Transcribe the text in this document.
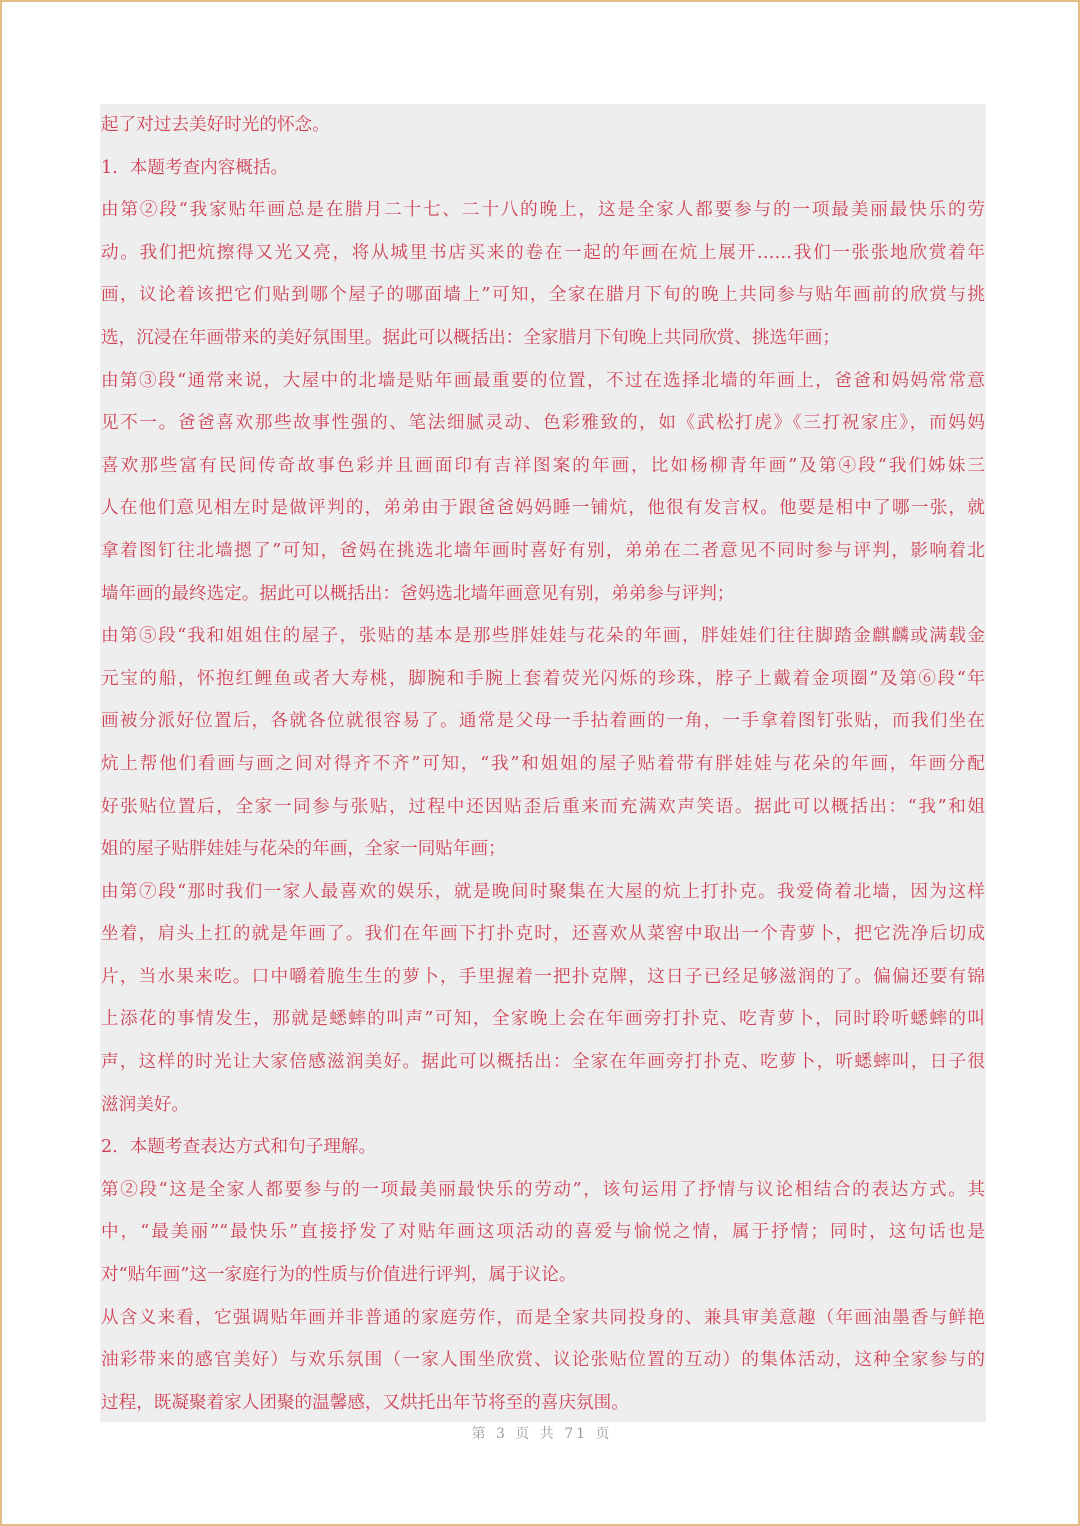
起了对过去美好时光的怀念。
1．本题考查内容概括。
由第②段“我家贴年画总是在腊月二十七、二十八的晚上，这是全家人都要参与的一项最美丽最快乐的劳
动。我们把炕擦得又光又亮，将从城里书店买来的卷在一起的年画在炕上展开……我们一张张地欣赏着年
画，议论着该把它们贴到哪个屋子的哪面墙上”可知，全家在腊月下旬的晚上共同参与贴年画前的欣赏与挑
选，沉浸在年画带来的美好氛围里。据此可以概括出：全家腊月下旬晚上共同欣赏、挑选年画；
由第③段“通常来说，大屋中的北墙是贴年画最重要的位置，不过在选择北墙的年画上，爸爸和妈妈常常意
见不一。爸爸喜欢那些故事性强的、笔法细腻灵动、色彩雅致的，如《武松打虎》《三打祝家庄》，而妈妈
喜欢那些富有民间传奇故事色彩并且画面印有吉祥图案的年画，比如杨柳青年画”及第④段“我们姊妹三
人在他们意见相左时是做评判的，弟弟由于跟爸爸妈妈睡一铺炕，他很有发言权。他要是相中了哪一张，就
拿着图钉往北墙摁了”可知，爸妈在挑选北墙年画时喜好有别，弟弟在二者意见不同时参与评判，影响着北
墙年画的最终选定。据此可以概括出：爸妈选北墙年画意见有别，弟弟参与评判；
由第⑤段“我和姐姐住的屋子，张贴的基本是那些胖娃娃与花朵的年画，胖娃娃们往往脚踏金麒麟或满载金
元宝的船，怀抱红鲤鱼或者大寿桃，脚腕和手腕上套着荧光闪烁的珍珠，脖子上戴着金项圈”及第⑥段“年
画被分派好位置后，各就各位就很容易了。通常是父母一手拈着画的一角，一手拿着图钉张贴，而我们坐在
炕上帮他们看画与画之间对得齐不齐”可知，“我”和姐姐的屋子贴着带有胖娃娃与花朵的年画，年画分配
好张贴位置后，全家一同参与张贴，过程中还因贴歪后重来而充满欢声笑语。据此可以概括出：“我”和姐
姐的屋子贴胖娃娃与花朵的年画，全家一同贴年画；
由第⑦段“那时我们一家人最喜欢的娱乐，就是晚间时聚集在大屋的炕上打扑克。我爱倚着北墙，因为这样
坐着，肩头上扛的就是年画了。我们在年画下打扑克时，还喜欢从菜窖中取出一个青萝卜，把它洗净后切成
片，当水果来吃。口中嚼着脆生生的萝卜，手里握着一把扑克牌，这日子已经足够滋润的了。偏偏还要有锦
上添花的事情发生，那就是蟋蟀的叫声”可知，全家晚上会在年画旁打扑克、吃青萝卜，同时聆听蟋蟀的叫
声，这样的时光让大家倍感滋润美好。据此可以概括出：全家在年画旁打扑克、吃萝卜，听蟋蟀叫，日子很
滋润美好。
2．本题考查表达方式和句子理解。
第②段“这是全家人都要参与的一项最美丽最快乐的劳动”，该句运用了抒情与议论相结合的表达方式。其
中，“最美丽”“最快乐”直接抒发了对贴年画这项活动的喜爱与愉悦之情，属于抒情；同时，这句话也是
对“贴年画”这一家庭行为的性质与价值进行评判，属于议论。
从含义来看，它强调贴年画并非普通的家庭劳作，而是全家共同投身的、兼具审美意趣（年画油墨香与鲜艳
油彩带来的感官美好）与欢乐氛围（一家人围坐欣赏、议论张贴位置的互动）的集体活动，这种全家参与的
过程，既凝聚着家人团聚的温馨感，又烘托出年节将至的喜庆氛围。
第 3 页 共 71 页
